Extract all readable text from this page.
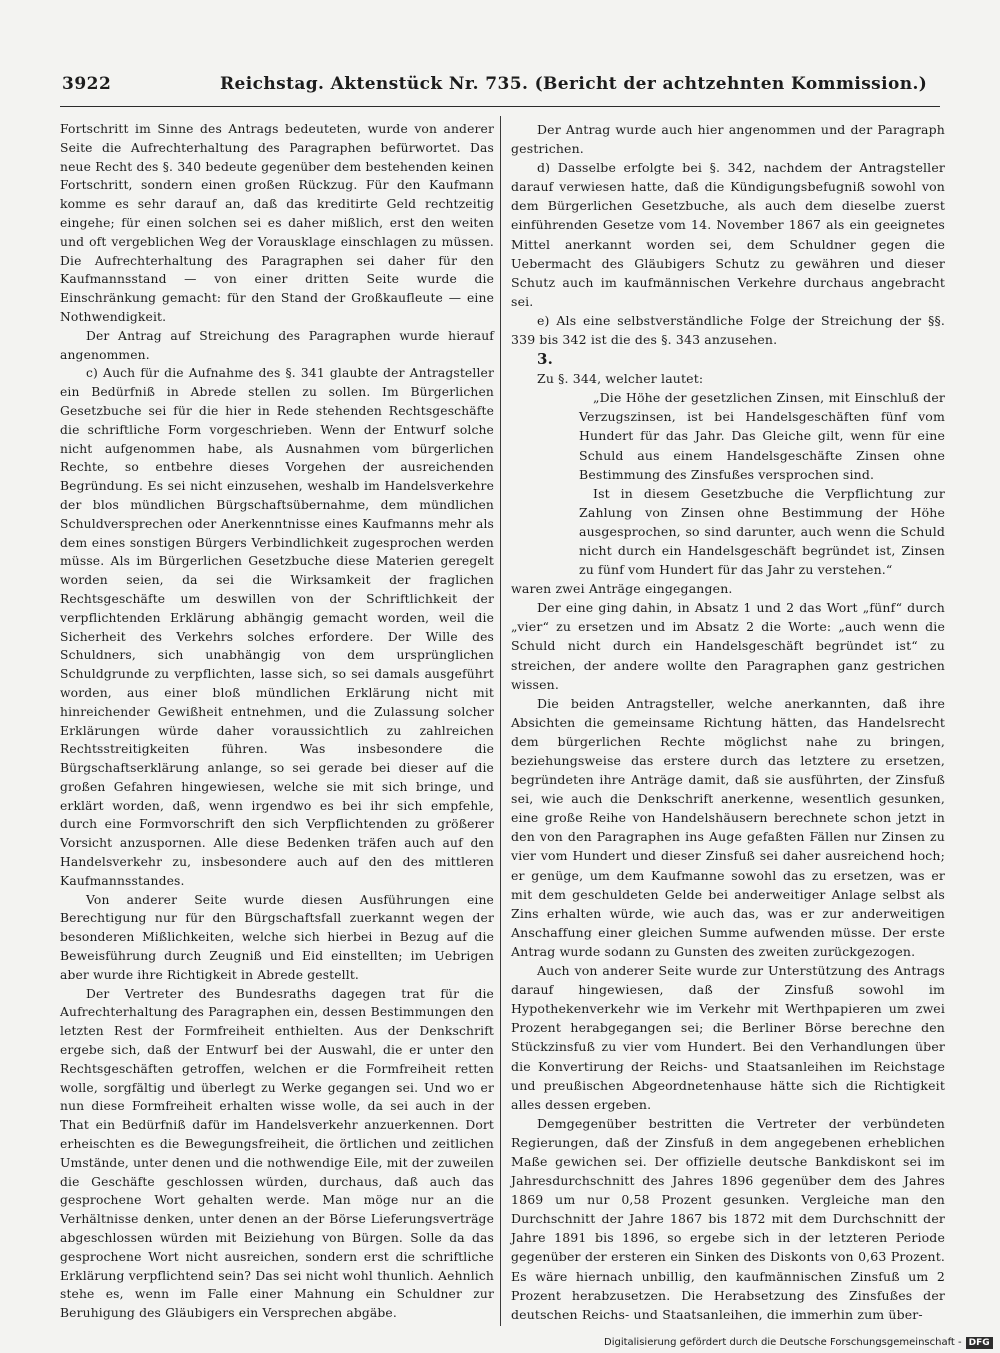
3922	Reichstag. Aktenstück Nr. 735. (Bericht der achtzehnten Kommission.)

Fortschritt im Sinne des Antrags bedeuteten, wurde von anderer Seite die Aufrechterhaltung des Paragraphen befürwortet. Das neue Recht des §. 340 bedeute gegenüber dem bestehenden keinen Fortschritt, sondern einen großen Rückzug. Für den Kaufmann komme es sehr darauf an, daß das kreditirte Geld rechtzeitig eingehe; für einen solchen sei es daher mißlich, erst den weiten und oft vergeblichen Weg der Vorausklage einschlagen zu müssen. Die Aufrechterhaltung des Paragraphen sei daher für den Kaufmannsstand — von einer dritten Seite wurde die Einschränkung gemacht: für den Stand der Großkaufleute — eine Nothwendigkeit.

Der Antrag auf Streichung des Paragraphen wurde hierauf angenommen.

c) Auch für die Aufnahme des §. 341 glaubte der Antragsteller ein Bedürfniß in Abrede stellen zu sollen. Im Bürgerlichen Gesetzbuche sei für die hier in Rede stehenden Rechtsgeschäfte die schriftliche Form vorgeschrieben. Wenn der Entwurf solche nicht aufgenommen habe, als Ausnahmen vom bürgerlichen Rechte, so entbehre dieses Vorgehen der ausreichenden Begründung. Es sei nicht einzusehen, weshalb im Handelsverkehre der blos mündlichen Bürgschaftsübernahme, dem mündlichen Schuldversprechen oder Anerkenntnisse eines Kaufmanns mehr als dem eines sonstigen Bürgers Verbindlichkeit zugesprochen werden müsse. Als im Bürgerlichen Gesetzbuche diese Materien geregelt worden seien, da sei die Wirksamkeit der fraglichen Rechtsgeschäfte um deswillen von der Schriftlichkeit der verpflichtenden Erklärung abhängig gemacht worden, weil die Sicherheit des Verkehrs solches erfordere. Der Wille des Schuldners, sich unabhängig von dem ursprünglichen Schuldgrunde zu verpflichten, lasse sich, so sei damals ausgeführt worden, aus einer bloß mündlichen Erklärung nicht mit hinreichender Gewißheit entnehmen, und die Zulassung solcher Erklärungen würde daher voraussichtlich zu zahlreichen Rechtsstreitigkeiten führen. Was insbesondere die Bürgschaftserklärung anlange, so sei gerade bei dieser auf die großen Gefahren hingewiesen, welche sie mit sich bringe, und erklärt worden, daß, wenn irgendwo es bei ihr sich empfehle, durch eine Formvorschrift den sich Verpflichtenden zu größerer Vorsicht anzuspornen. Alle diese Bedenken träfen auch auf den Handelsverkehr zu, insbesondere auch auf den des mittleren Kaufmannsstandes.

Von anderer Seite wurde diesen Ausführungen eine Berechtigung nur für den Bürgschaftsfall zuerkannt wegen der besonderen Mißlichkeiten, welche sich hierbei in Bezug auf die Beweisführung durch Zeugniß und Eid einstellten; im Uebrigen aber wurde ihre Richtigkeit in Abrede gestellt.

Der Vertreter des Bundesraths dagegen trat für die Aufrechterhaltung des Paragraphen ein, dessen Bestimmungen den letzten Rest der Formfreiheit enthielten. Aus der Denkschrift ergebe sich, daß der Entwurf bei der Auswahl, die er unter den Rechtsgeschäften getroffen, welchen er die Formfreiheit retten wolle, sorgfältig und überlegt zu Werke gegangen sei. Und wo er nun diese Formfreiheit erhalten wisse wolle, da sei auch in der That ein Bedürfniß dafür im Handelsverkehr anzuerkennen. Dort erheischten es die Bewegungsfreiheit, die örtlichen und zeitlichen Umstände, unter denen und die nothwendige Eile, mit der zuweilen die Geschäfte geschlossen würden, durchaus, daß auch das gesprochene Wort gehalten werde. Man möge nur an die Verhältnisse denken, unter denen an der Börse Lieferungsverträge abgeschlossen würden mit Beiziehung von Bürgen. Solle da das gesprochene Wort nicht ausreichen, sondern erst die schriftliche Erklärung verpflichtend sein? Das sei nicht wohl thunlich. Aehnlich stehe es, wenn im Falle einer Mahnung ein Schuldner zur Beruhigung des Gläubigers ein Versprechen abgäbe.

Der Antrag wurde auch hier angenommen und der Paragraph gestrichen.

d) Dasselbe erfolgte bei §. 342, nachdem der Antragsteller darauf verwiesen hatte, daß die Kündigungsbefugniß sowohl von dem Bürgerlichen Gesetzbuche, als auch dem dieselbe zuerst einführenden Gesetze vom 14. November 1867 als ein geeignetes Mittel anerkannt worden sei, dem Schuldner gegen die Uebermacht des Gläubigers Schutz zu gewähren und dieser Schutz auch im kaufmännischen Verkehre durchaus angebracht sei.

e) Als eine selbstverständliche Folge der Streichung der §§. 339 bis 342 ist die des §. 343 anzusehen.

3.

Zu §. 344, welcher lautet:

„Die Höhe der gesetzlichen Zinsen, mit Einschluß der Verzugszinsen, ist bei Handelsgeschäften fünf vom Hundert für das Jahr. Das Gleiche gilt, wenn für eine Schuld aus einem Handelsgeschäfte Zinsen ohne Bestimmung des Zinsfußes versprochen sind.

Ist in diesem Gesetzbuche die Verpflichtung zur Zahlung von Zinsen ohne Bestimmung der Höhe ausgesprochen, so sind darunter, auch wenn die Schuld nicht durch ein Handelsgeschäft begründet ist, Zinsen zu fünf vom Hundert für das Jahr zu verstehen.“

waren zwei Anträge eingegangen.

Der eine ging dahin, in Absatz 1 und 2 das Wort „fünf“ durch „vier“ zu ersetzen und im Absatz 2 die Worte: „auch wenn die Schuld nicht durch ein Handelsgeschäft begründet ist“ zu streichen, der andere wollte den Paragraphen ganz gestrichen wissen.

Die beiden Antragsteller, welche anerkannten, daß ihre Absichten die gemeinsame Richtung hätten, das Handelsrecht dem bürgerlichen Rechte möglichst nahe zu bringen, beziehungsweise das erstere durch das letztere zu ersetzen, begründeten ihre Anträge damit, daß sie ausführten, der Zinsfuß sei, wie auch die Denkschrift anerkenne, wesentlich gesunken, eine große Reihe von Handelshäusern berechnete schon jetzt in den von den Paragraphen ins Auge gefaßten Fällen nur Zinsen zu vier vom Hundert und dieser Zinsfuß sei daher ausreichend hoch; er genüge, um dem Kaufmanne sowohl das zu ersetzen, was er mit dem geschuldeten Gelde bei anderweitiger Anlage selbst als Zins erhalten würde, wie auch das, was er zur anderweitigen Anschaffung einer gleichen Summe aufwenden müsse. Der erste Antrag wurde sodann zu Gunsten des zweiten zurückgezogen.

Auch von anderer Seite wurde zur Unterstützung des Antrags darauf hingewiesen, daß der Zinsfuß sowohl im Hypothekenverkehr wie im Verkehr mit Werthpapieren um zwei Prozent herabgegangen sei; die Berliner Börse berechne den Stückzinsfuß zu vier vom Hundert. Bei den Verhandlungen über die Konvertirung der Reichs- und Staatsanleihen im Reichstage und preußischen Abgeordnetenhause hätte sich die Richtigkeit alles dessen ergeben.

Demgegenüber bestritten die Vertreter der verbündeten Regierungen, daß der Zinsfuß in dem angegebenen erheblichen Maße gewichen sei. Der offizielle deutsche Bankdiskont sei im Jahresdurchschnitt des Jahres 1896 gegenüber dem des Jahres 1869 um nur 0,58 Prozent gesunken. Vergleiche man den Durchschnitt der Jahre 1867 bis 1872 mit dem Durchschnitt der Jahre 1891 bis 1896, so ergebe sich in der letzteren Periode gegenüber der ersteren ein Sinken des Diskonts von 0,63 Prozent. Es wäre hiernach unbillig, den kaufmännischen Zinsfuß um 2 Prozent herabzusetzen. Die Herabsetzung des Zinsfußes der deutschen Reichs- und Staatsanleihen, die immerhin zum über-

Digitalisierung gefördert durch die Deutsche Forschungsgemeinschaft - DFG
